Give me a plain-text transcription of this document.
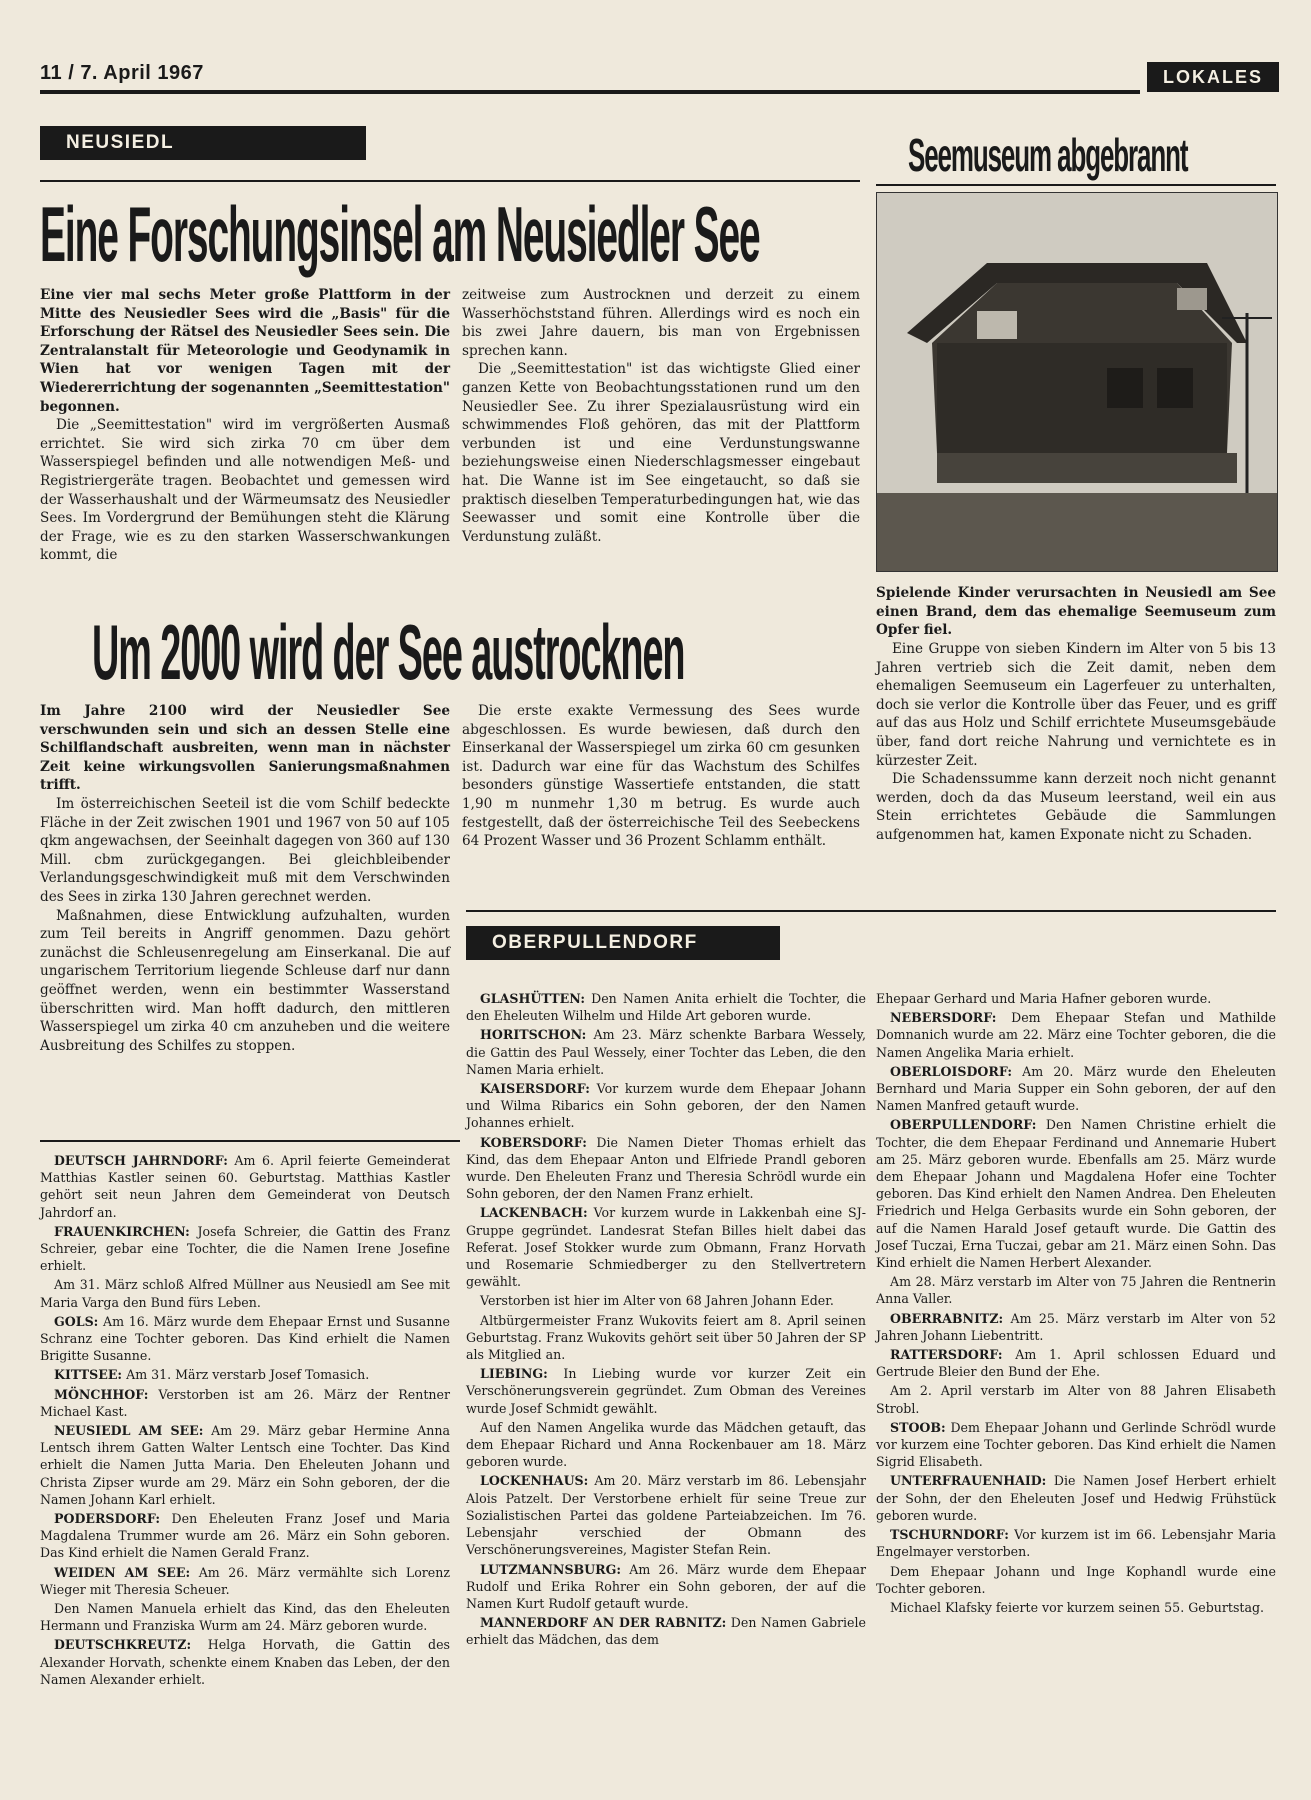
11 / 7. April 1967	LOKALES
NEUSIEDL
Eine Forschungsinsel am Neusiedler See

Eine vier mal sechs Meter große Plattform in der Mitte des Neusiedler Sees wird die „Basis" für die Erforschung der Rätsel des Neusiedler Sees sein. Die Zentralanstalt für Meteorologie und Geodynamik in Wien hat vor wenigen Tagen mit der Wiedererrichtung der sogenannten „Seemittestation" begonnen.

Die „Seemittestation" wird im vergrößerten Ausmaß errichtet. Sie wird sich zirka 70 cm über dem Wasserspiegel befinden und alle notwendigen Meß- und Registriergeräte tragen. Beobachtet und gemessen wird der Wasserhaushalt und der Wärmeumsatz des Neusiedler Sees. Im Vordergrund der Bemühungen steht die Klärung der Frage, wie es zu den starken Wasserschwankungen kommt, die

zeitweise zum Austrocknen und derzeit zu einem Wasserhöchststand führen. Allerdings wird es noch ein bis zwei Jahre dauern, bis man von Ergebnissen sprechen kann.

Die „Seemittestation" ist das wichtigste Glied einer ganzen Kette von Beobachtungsstationen rund um den Neusiedler See. Zu ihrer Spezialausrüstung wird ein schwimmendes Floß gehören, das mit der Plattform verbunden ist und eine Verdunstungswanne beziehungsweise einen Niederschlagsmesser eingebaut hat. Die Wanne ist im See eingetaucht, so daß sie praktisch dieselben Temperaturbedingungen hat, wie das Seewasser und somit eine Kontrolle über die Verdunstung zuläßt.

Um 2000 wird der See austrocknen

Im Jahre 2100 wird der Neusiedler See verschwunden sein und sich an dessen Stelle eine Schilflandschaft ausbreiten, wenn man in nächster Zeit keine wirkungsvollen Sanierungsmaßnahmen trifft.

Im österreichischen Seeteil ist die vom Schilf bedeckte Fläche in der Zeit zwischen 1901 und 1967 von 50 auf 105 qkm angewachsen, der Seeinhalt dagegen von 360 auf 130 Mill. cbm zurückgegangen. Bei gleichbleibender Verlandungsgeschwindigkeit muß mit dem Verschwinden des Sees in zirka 130 Jahren gerechnet werden.

Maßnahmen, diese Entwicklung aufzuhalten, wurden zum Teil bereits in Angriff genommen. Dazu gehört zunächst die Schleusenregelung am Einserkanal. Die auf ungarischem Territorium liegende Schleuse darf nur dann geöffnet werden, wenn ein bestimmter Wasserstand überschritten wird. Man hofft dadurch, den mittleren Wasserspiegel um zirka 40 cm anzuheben und die weitere Ausbreitung des Schilfes zu stoppen.

Die erste exakte Vermessung des Sees wurde abgeschlossen. Es wurde bewiesen, daß durch den Einserkanal der Wasserspiegel um zirka 60 cm gesunken ist. Dadurch war eine für das Wachstum des Schilfes besonders günstige Wassertiefe entstanden, die statt 1,90 m nunmehr 1,30 m betrug. Es wurde auch festgestellt, daß der österreichische Teil des Seebeckens 64 Prozent Wasser und 36 Prozent Schlamm enthält.

Seemuseum abgebrannt
Spielende Kinder verursachten in Neusiedl am See einen Brand, dem das ehemalige Seemuseum zum Opfer fiel.

Eine Gruppe von sieben Kindern im Alter von 5 bis 13 Jahren vertrieb sich die Zeit damit, neben dem ehemaligen Seemuseum ein Lagerfeuer zu unterhalten, doch sie verlor die Kontrolle über das Feuer, und es griff auf das aus Holz und Schilf errichtete Museumsgebäude über, fand dort reiche Nahrung und vernichtete es in kürzester Zeit.

Die Schadenssumme kann derzeit noch nicht genannt werden, doch da das Museum leerstand, weil ein aus Stein errichtetes Gebäude die Sammlungen aufgenommen hat, kamen Exponate nicht zu Schaden.

DEUTSCH JAHRNDORF: Am 6. April feierte Gemeinderat Matthias Kastler seinen 60. Geburtstag. Matthias Kastler gehört seit neun Jahren dem Gemeinderat von Deutsch Jahrdorf an.

FRAUENKIRCHEN: Josefa Schreier, die Gattin des Franz Schreier, gebar eine Tochter, die die Namen Irene Josefine erhielt.

Am 31. März schloß Alfred Müllner aus Neusiedl am See mit Maria Varga den Bund fürs Leben.

GOLS: Am 16. März wurde dem Ehepaar Ernst und Susanne Schranz eine Tochter geboren. Das Kind erhielt die Namen Brigitte Susanne.

KITTSEE: Am 31. März verstarb Josef Tomasich.

MÖNCHHOF: Verstorben ist am 26. März der Rentner Michael Kast.

NEUSIEDL AM SEE: Am 29. März gebar Hermine Anna Lentsch ihrem Gatten Walter Lentsch eine Tochter. Das Kind erhielt die Namen Jutta Maria. Den Eheleuten Johann und Christa Zipser wurde am 29. März ein Sohn geboren, der die Namen Johann Karl erhielt.

PODERSDORF: Den Eheleuten Franz Josef und Maria Magdalena Trummer wurde am 26. März ein Sohn geboren. Das Kind erhielt die Namen Gerald Franz.

WEIDEN AM SEE: Am 26. März vermählte sich Lorenz Wieger mit Theresia Scheuer.

Den Namen Manuela erhielt das Kind, das den Eheleuten Hermann und Franziska Wurm am 24. März geboren wurde.

DEUTSCHKREUTZ: Helga Horvath, die Gattin des Alexander Horvath, schenkte einem Knaben das Leben, der den Namen Alexander erhielt.

OBERPULLENDORF

GLASHÜTTEN: Den Namen Anita erhielt die Tochter, die den Eheleuten Wilhelm und Hilde Art geboren wurde.

HORITSCHON: Am 23. März schenkte Barbara Wessely, die Gattin des Paul Wessely, einer Tochter das Leben, die den Namen Maria erhielt.

KAISERSDORF: Vor kurzem wurde dem Ehepaar Johann und Wilma Ribarics ein Sohn geboren, der den Namen Johannes erhielt.

KOBERSDORF: Die Namen Dieter Thomas erhielt das Kind, das dem Ehepaar Anton und Elfriede Prandl geboren wurde. Den Eheleuten Franz und Theresia Schrödl wurde ein Sohn geboren, der den Namen Franz erhielt.

LACKENBACH: Vor kurzem wurde in Lakkenbah eine SJ-Gruppe gegründet. Landesrat Stefan Billes hielt dabei das Referat. Josef Stokker wurde zum Obmann, Franz Horvath und Rosemarie Schmiedberger zu den Stellvertretern gewählt.

Verstorben ist hier im Alter von 68 Jahren Johann Eder.

Altbürgermeister Franz Wukovits feiert am 8. April seinen Geburtstag. Franz Wukovits gehört seit über 50 Jahren der SP als Mitglied an.

LIEBING: In Liebing wurde vor kurzer Zeit ein Verschönerungsverein gegründet. Zum Obman des Vereines wurde Josef Schmidt gewählt.

Auf den Namen Angelika wurde das Mädchen getauft, das dem Ehepaar Richard und Anna Rockenbauer am 18. März geboren wurde.

LOCKENHAUS: Am 20. März verstarb im 86. Lebensjahr Alois Patzelt. Der Verstorbene erhielt für seine Treue zur Sozialistischen Partei das goldene Parteiabzeichen. Im 76. Lebensjahr verschied der Obmann des Verschönerungsvereines, Magister Stefan Rein.

LUTZMANNSBURG: Am 26. März wurde dem Ehepaar Rudolf und Erika Rohrer ein Sohn geboren, der auf die Namen Kurt Rudolf getauft wurde.

MANNERDORF AN DER RABNITZ: Den Namen Gabriele erhielt das Mädchen, das dem

Ehepaar Gerhard und Maria Hafner geboren wurde.

NEBERSDORF: Dem Ehepaar Stefan und Mathilde Domnanich wurde am 22. März eine Tochter geboren, die die Namen Angelika Maria erhielt.

OBERLOISDORF: Am 20. März wurde den Eheleuten Bernhard und Maria Supper ein Sohn geboren, der auf den Namen Manfred getauft wurde.

OBERPULLENDORF: Den Namen Christine erhielt die Tochter, die dem Ehepaar Ferdinand und Annemarie Hubert am 25. März geboren wurde. Ebenfalls am 25. März wurde dem Ehepaar Johann und Magdalena Hofer eine Tochter geboren. Das Kind erhielt den Namen Andrea. Den Eheleuten Friedrich und Helga Gerbasits wurde ein Sohn geboren, der auf die Namen Harald Josef getauft wurde. Die Gattin des Josef Tuczai, Erna Tuczai, gebar am 21. März einen Sohn. Das Kind erhielt die Namen Herbert Alexander.

Am 28. März verstarb im Alter von 75 Jahren die Rentnerin Anna Valler.

OBERRABNITZ: Am 25. März verstarb im Alter von 52 Jahren Johann Liebentritt.

RATTERSDORF: Am 1. April schlossen Eduard und Gertrude Bleier den Bund der Ehe.

Am 2. April verstarb im Alter von 88 Jahren Elisabeth Strobl.

STOOB: Dem Ehepaar Johann und Gerlinde Schrödl wurde vor kurzem eine Tochter geboren. Das Kind erhielt die Namen Sigrid Elisabeth.

UNTERFRAUENHAID: Die Namen Josef Herbert erhielt der Sohn, der den Eheleuten Josef und Hedwig Frühstück geboren wurde.

TSCHURNDORF: Vor kurzem ist im 66. Lebensjahr Maria Engelmayer verstorben.

Dem Ehepaar Johann und Inge Kophandl wurde eine Tochter geboren.

Michael Klafsky feierte vor kurzem seinen 55. Geburtstag.
